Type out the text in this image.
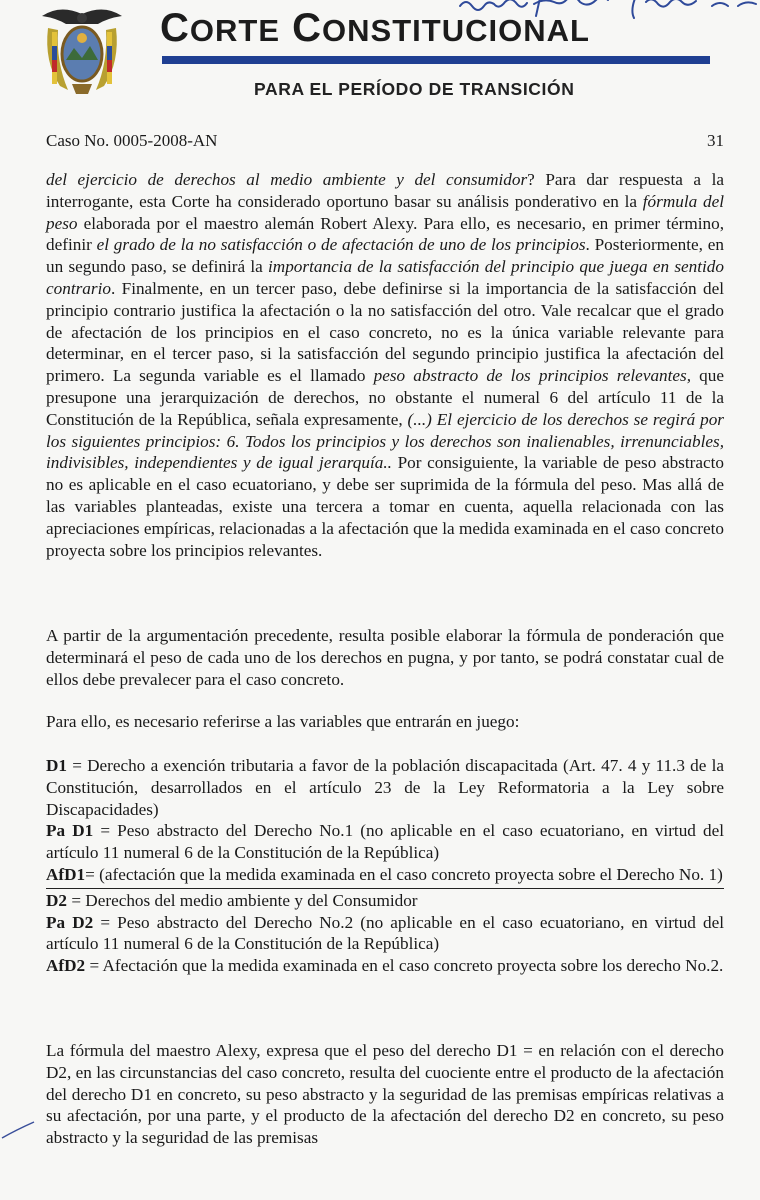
CORTE CONSTITUCIONAL
PARA EL PERÍODO DE TRANSICIÓN
Caso No. 0005-2008-AN	31
del ejercicio de derechos al medio ambiente y del consumidor? Para dar respuesta a la interrogante, esta Corte ha considerado oportuno basar su análisis ponderativo en la fórmula del peso elaborada por el maestro alemán Robert Alexy. Para ello, es necesario, en primer término, definir el grado de la no satisfacción o de afectación de uno de los principios. Posteriormente, en un segundo paso, se definirá la importancia de la satisfacción del principio que juega en sentido contrario. Finalmente, en un tercer paso, debe definirse si la importancia de la satisfacción del principio contrario justifica la afectación o la no satisfacción del otro. Vale recalcar que el grado de afectación de los principios en el caso concreto, no es la única variable relevante para determinar, en el tercer paso, si la satisfacción del segundo principio justifica la afectación del primero. La segunda variable es el llamado peso abstracto de los principios relevantes, que presupone una jerarquización de derechos, no obstante el numeral 6 del artículo 11 de la Constitución de la República, señala expresamente, (...) El ejercicio de los derechos se regirá por los siguientes principios: 6. Todos los principios y los derechos son inalienables, irrenunciables, indivisibles, independientes y de igual jerarquía.. Por consiguiente, la variable de peso abstracto no es aplicable en el caso ecuatoriano, y debe ser suprimida de la fórmula del peso. Mas allá de las variables planteadas, existe una tercera a tomar en cuenta, aquella relacionada con las apreciaciones empíricas, relacionadas a la afectación que la medida examinada en el caso concreto proyecta sobre los principios relevantes.
A partir de la argumentación precedente, resulta posible elaborar la fórmula de ponderación que determinará el peso de cada uno de los derechos en pugna, y por tanto, se podrá constatar cual de ellos debe prevalecer para el caso concreto.
Para ello, es necesario referirse a las variables que entrarán en juego:

D1 = Derecho a exención tributaria a favor de la población discapacitada (Art. 47. 4 y 11.3 de la Constitución, desarrollados en el artículo 23 de la Ley Reformatoria a la Ley sobre Discapacidades)

Pa D1 = Peso abstracto del Derecho No.1 (no aplicable en el caso ecuatoriano, en virtud del artículo 11 numeral 6 de la Constitución de la República)

AfD1= (afectación que la medida examinada en el caso concreto proyecta sobre el Derecho No. 1)

D2 = Derechos del medio ambiente y del Consumidor

Pa D2 = Peso abstracto del Derecho No.2 (no aplicable en el caso ecuatoriano, en virtud del artículo 11 numeral 6 de la Constitución de la República)

AfD2 = Afectación que la medida examinada en el caso concreto proyecta sobre los derecho No.2.

La fórmula del maestro Alexy, expresa que el peso del derecho D1 = en relación con el derecho D2, en las circunstancias del caso concreto, resulta del cuociente entre el producto de la afectación del derecho D1 en concreto, su peso abstracto y la seguridad de las premisas empíricas relativas a su afectación, por una parte, y el producto de la afectación del derecho D2 en concreto, su peso abstracto y la seguridad de las premisas
